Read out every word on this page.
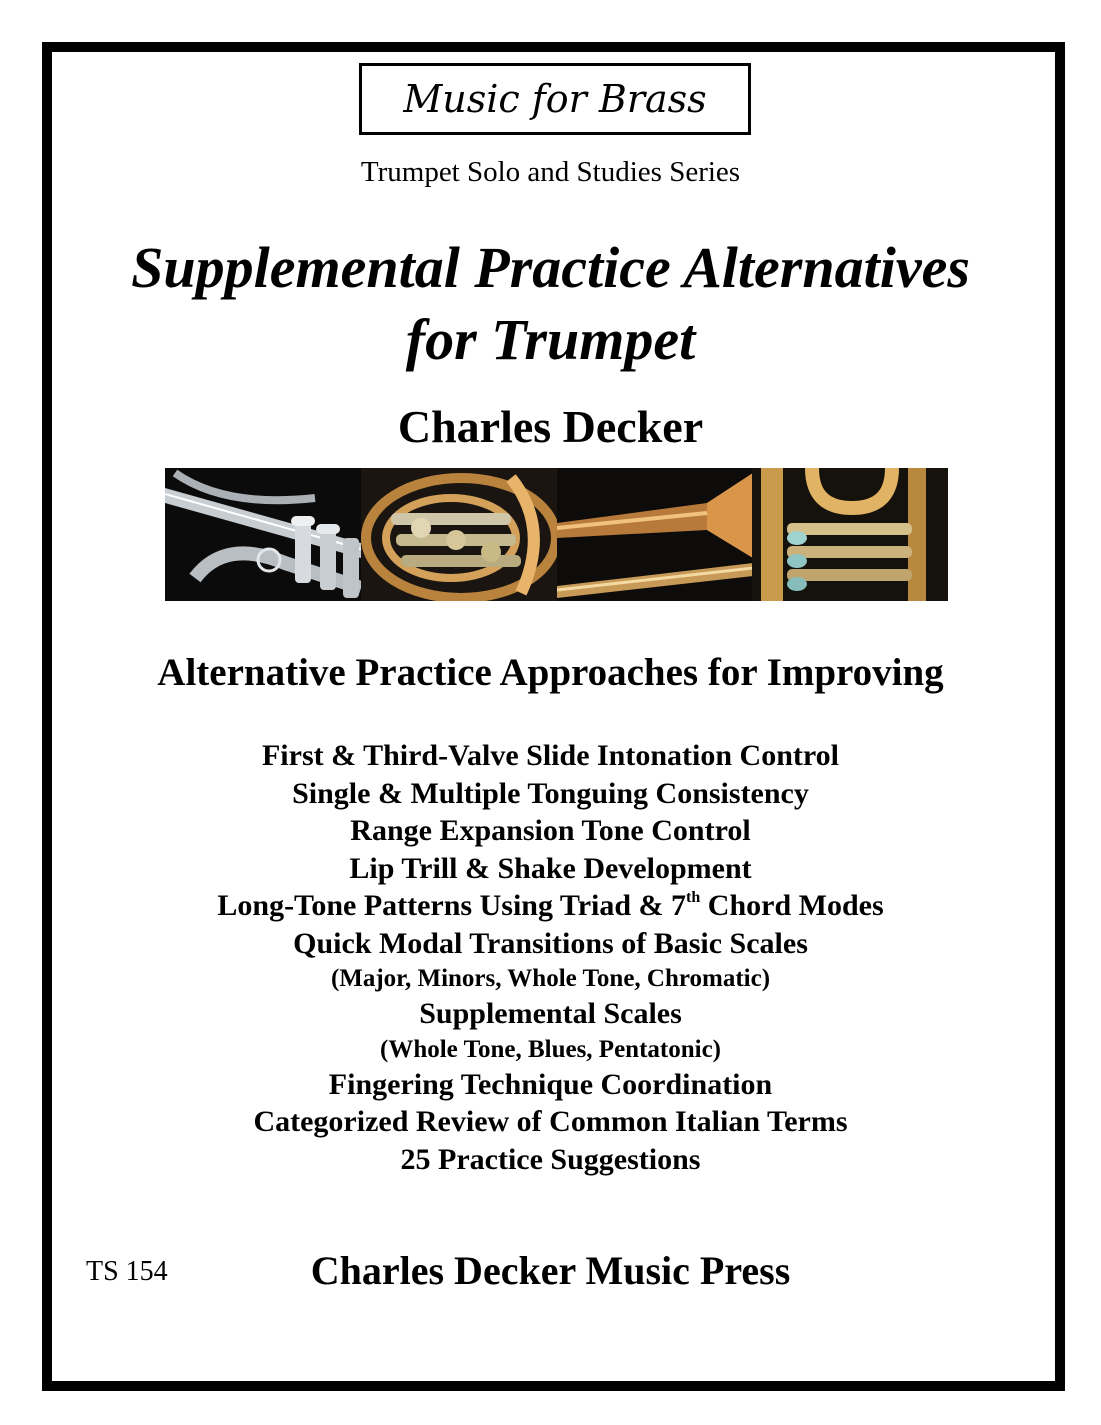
Music for Brass
Trumpet Solo and Studies Series
Supplemental Practice Alternatives
for Trumpet
Charles Decker
Alternative Practice Approaches for Improving
First & Third-Valve Slide Intonation Control
Single & Multiple Tonguing Consistency
Range Expansion Tone Control
Lip Trill & Shake Development
Long-Tone Patterns Using Triad & 7th Chord Modes
Quick Modal Transitions of Basic Scales
(Major, Minors, Whole Tone, Chromatic)
Supplemental Scales
(Whole Tone, Blues, Pentatonic)
Fingering Technique Coordination
Categorized Review of Common Italian Terms
25 Practice Suggestions
TS 154	Charles Decker Music Press
